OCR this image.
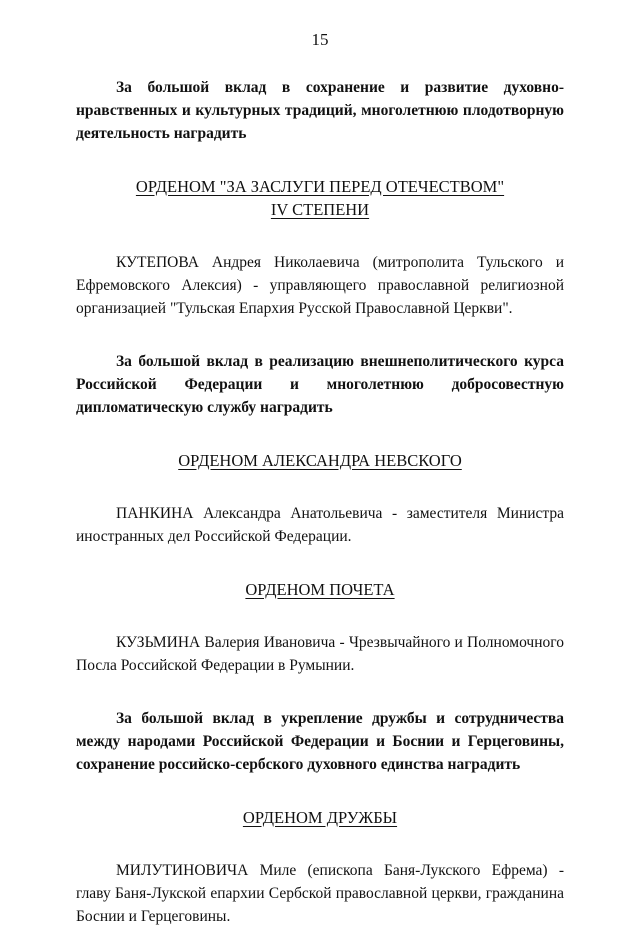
15

За большой вклад в сохранение и развитие духовно-нравственных и культурных традиций, многолетнюю плодотворную деятельность наградить

ОРДЕНОМ "ЗА ЗАСЛУГИ ПЕРЕД ОТЕЧЕСТВОМ"
IV СТЕПЕНИ

КУТЕПОВА Андрея Николаевича (митрополита Тульского и Ефремовского Алексия) - управляющего православной религиозной организацией "Тульская Епархия Русской Православной Церкви".

За большой вклад в реализацию внешнеполитического курса Российской Федерации и многолетнюю добросовестную дипломатическую службу наградить

ОРДЕНОМ АЛЕКСАНДРА НЕВСКОГО

ПАНКИНА Александра Анатольевича - заместителя Министра иностранных дел Российской Федерации.

ОРДЕНОМ ПОЧЕТА

КУЗЬМИНА Валерия Ивановича - Чрезвычайного и Полномочного Посла Российской Федерации в Румынии.

За большой вклад в укрепление дружбы и сотрудничества между народами Российской Федерации и Боснии и Герцеговины, сохранение российско-сербского духовного единства наградить

ОРДЕНОМ ДРУЖБЫ

МИЛУТИНОВИЧА Миле (епископа Баня-Лукского Ефрема) - главу Баня-Лукской епархии Сербской православной церкви, гражданина Боснии и Герцеговины.
